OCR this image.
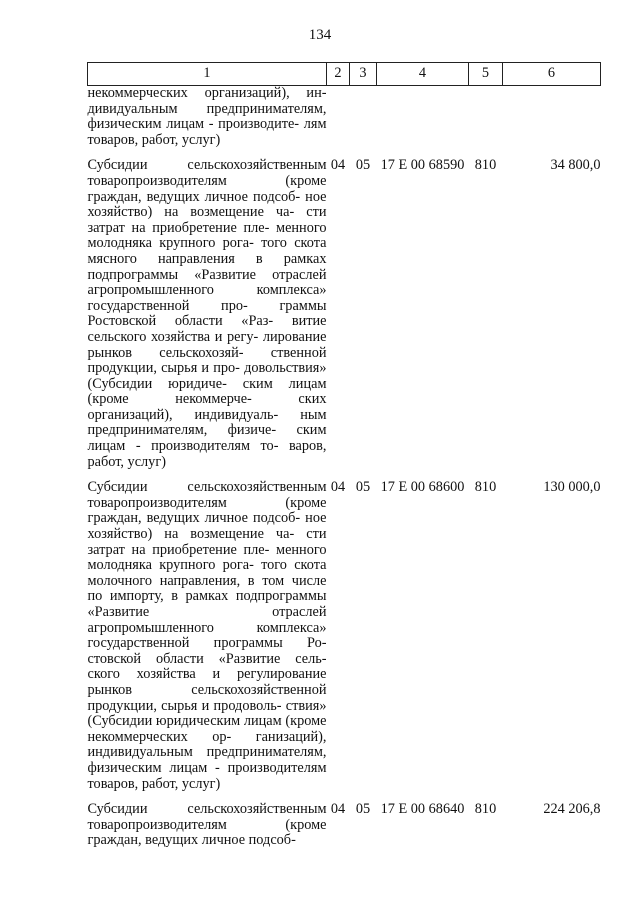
134
1	2	3	4	5	6
некоммерческих организаций), ин- дивидуальным предпринимателям, физическим лицам - производите- лям товаров, работ, услуг)					

Субсидии сельскохозяйственным товаропроизводителям (кроме граждан, ведущих личное подсоб- ное хозяйство) на возмещение ча- сти затрат на приобретение пле- менного молодняка крупного рога- того скота мясного направления в рамках подпрограммы «Развитие отраслей агропромышленного комплекса» государственной про- граммы Ростовской области «Раз- витие сельского хозяйства и регу- лирование рынков сельскохозяй- ственной продукции, сырья и про- довольствия» (Субсидии юридиче- ским лицам (кроме некоммерче- ских организаций), индивидуаль- ным предпринимателям, физиче- ским лицам - производителям то- варов, работ, услуг)	04	05	17 Е 00 68590	810	34 800,0

Субсидии сельскохозяйственным товаропроизводителям (кроме граждан, ведущих личное подсоб- ное хозяйство) на возмещение ча- сти затрат на приобретение пле- менного молодняка крупного рога- того скота молочного направления, в том числе по импорту, в рамках подпрограммы «Развитие отраслей агропромышленного комплекса» государственной программы Ро- стовской области «Развитие сель- ского хозяйства и регулирование рынков сельскохозяйственной продукции, сырья и продоволь- ствия» (Субсидии юридическим лицам (кроме некоммерческих ор- ганизаций), индивидуальным предпринимателям, физическим лицам - производителям товаров, работ, услуг)	04	05	17 Е 00 68600	810	130 000,0

Субсидии сельскохозяйственным товаропроизводителям (кроме граждан, ведущих личное подсоб-	04	05	17 Е 00 68640	810	224 206,8
